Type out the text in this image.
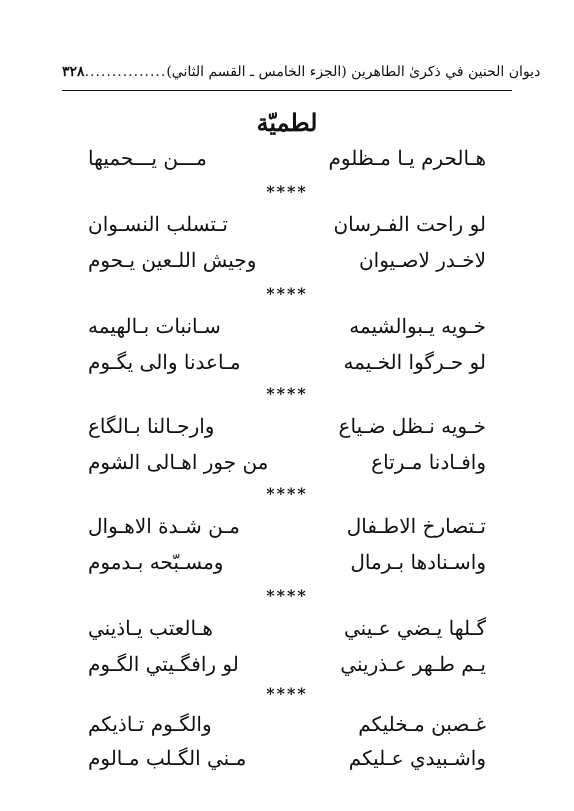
٣٢٨ ............... ديوان الحنين في ذكرىٰ الطاهرين (الجزء الخامس ـ القسم الثاني)
لطميّة
هـالحرم يـا مـظلوم
مـــن يـــحميها
****
لو راحت الفـرسان
تـتسلب النسـوان
لاخـدر لاصـيوان
وجيش اللـعين يـحوم
****
خـويه يـبوالشيمه
سـانبات بـالهيمه
لو حـرگوا الخـيمه
مـاعدنا والى يگـوم
****
خـويه نـظل ضـياع
وارجـالنا بـالگاع
وافـادنا مـرتاع
من جور اهـالى الشوم
****
تـتصارخ الاطـفال
مـن شـدة الاهـوال
واسـنادها بـرمال
ومسـبّحه بـدموم
****
گـلها يـضي عـيني
هـالعتب يـاذيني
يـم طـهر عـذريني
لو رافگـيتي الگـوم
****
غـصبن مـخليكم
والگـوم تـاذيكم
واشـبيدي عـليكم
مـني الگـلب مـالوم
